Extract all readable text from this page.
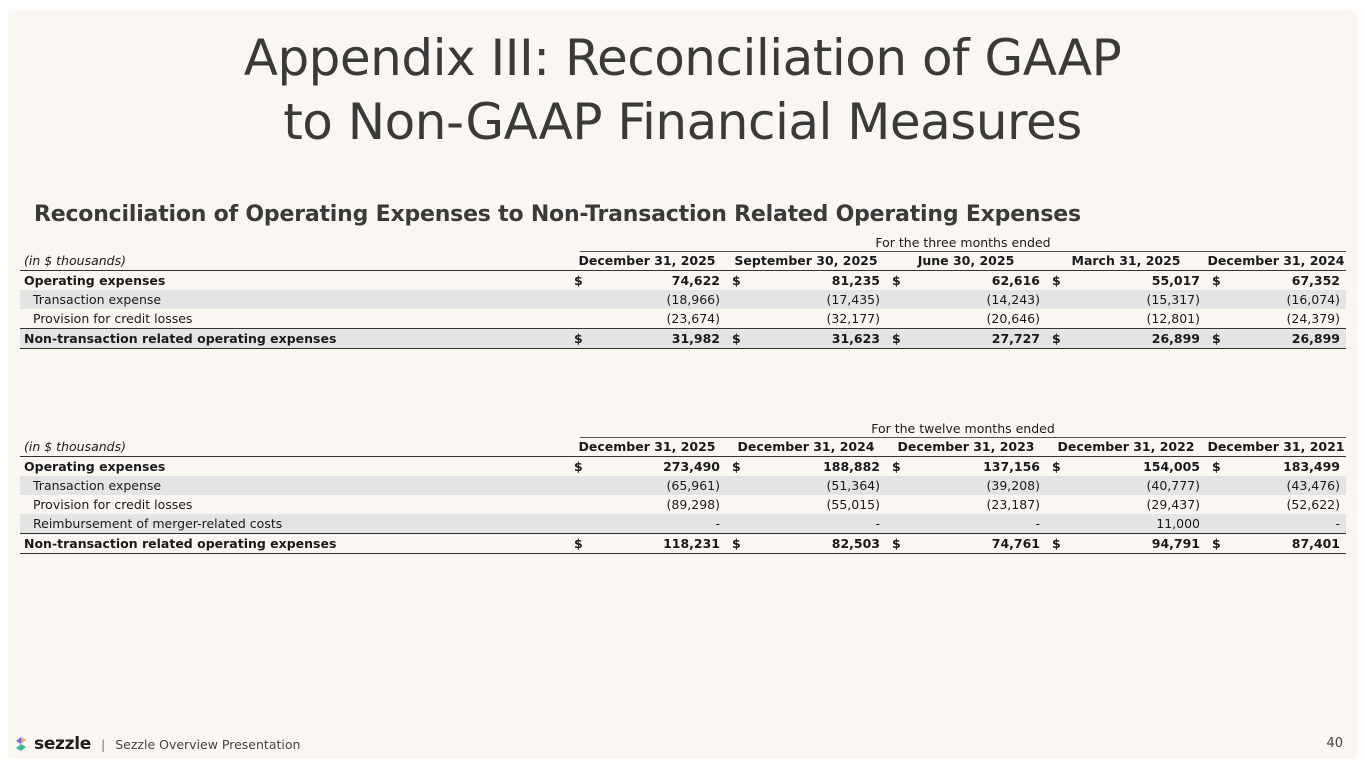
Appendix III: Reconciliation of GAAP
to Non-GAAP Financial Measures
Reconciliation of Operating Expenses to Non-Transaction Related Operating Expenses
For the three months ended
(in $ thousands)	December 31, 2025	September 30, 2025	June 30, 2025	March 31, 2025	December 31, 2024
Operating expenses	$	74,622 $	81,235 $	62,616 $	55,017 $	67,352
Transaction expense	(18,966)	(17,435)	(14,243)	(15,317)	(16,074)
Provision for credit losses	(23,674)	(32,177)	(20,646)	(12,801)	(24,379)
Non-transaction related operating expenses	$	31,982 $	31,623 $	27,727 $	26,899 $	26,899
For the twelve months ended
(in $ thousands)	December 31, 2025	December 31, 2024	December 31, 2023	December 31, 2022	December 31, 2021
Operating expenses	$	273,490 $	188,882 $	137,156 $	154,005 $	183,499
Transaction expense	(65,961)	(51,364)	(39,208)	(40,777)	(43,476)
Provision for credit losses	(89,298)	(55,015)	(23,187)	(29,437)	(52,622)
Reimbursement of merger-related costs	-	-	-	11,000	-
Non-transaction related operating expenses	$	118,231 $	82,503 $	74,761 $	94,791 $	87,401
sezzle | Sezzle Overview Presentation	40
